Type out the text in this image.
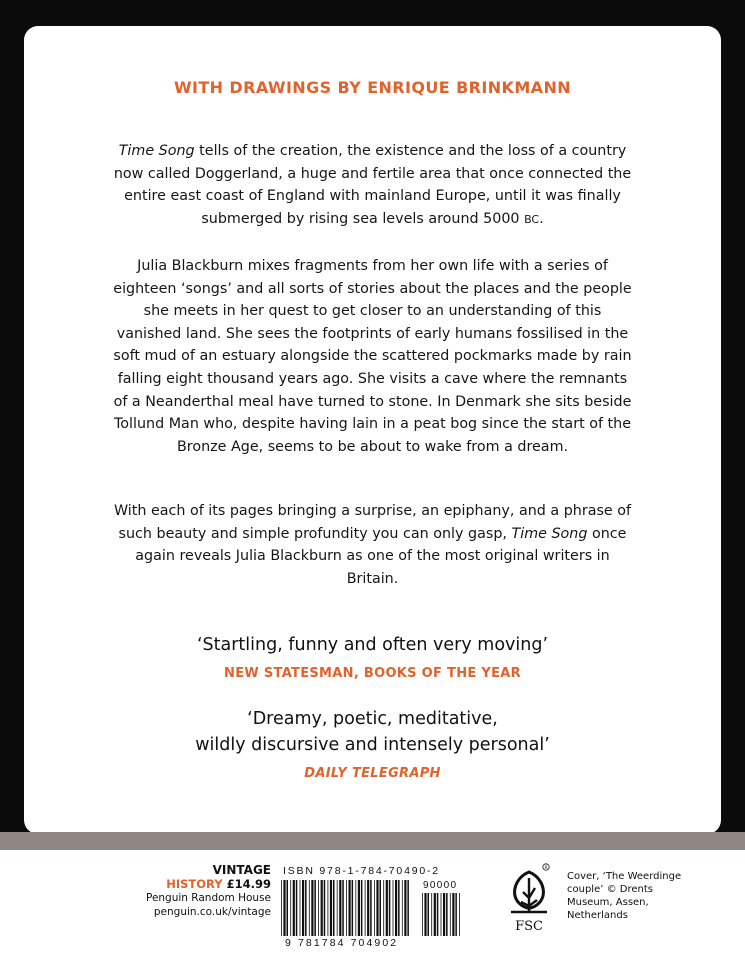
WITH DRAWINGS BY ENRIQUE BRINKMANN
Time Song tells of the creation, the existence and the loss of a country now called Doggerland, a huge and fertile area that once connected the entire east coast of England with mainland Europe, until it was finally submerged by rising sea levels around 5000 BC.
Julia Blackburn mixes fragments from her own life with a series of eighteen ‘songs’ and all sorts of stories about the places and the people she meets in her quest to get closer to an understanding of this vanished land. She sees the footprints of early humans fossilised in the soft mud of an estuary alongside the scattered pockmarks made by rain falling eight thousand years ago. She visits a cave where the remnants of a Neanderthal meal have turned to stone. In Denmark she sits beside Tollund Man who, despite having lain in a peat bog since the start of the Bronze Age, seems to be about to wake from a dream.
With each of its pages bringing a surprise, an epiphany, and a phrase of such beauty and simple profundity you can only gasp, Time Song once again reveals Julia Blackburn as one of the most original writers in Britain.
‘Startling, funny and often very moving’
NEW STATESMAN, BOOKS OF THE YEAR
‘Dreamy, poetic, meditative,
wildly discursive and intensely personal’
DAILY TELEGRAPH
VINTAGE
HISTORY £14.99
Penguin Random House
penguin.co.uk/vintage
ISBN 978-1-784-70490-2
9 781784 704902
90000
R
FSC
Cover, ‘The Weerdinge
couple’ © Drents
Museum, Assen,
Netherlands
